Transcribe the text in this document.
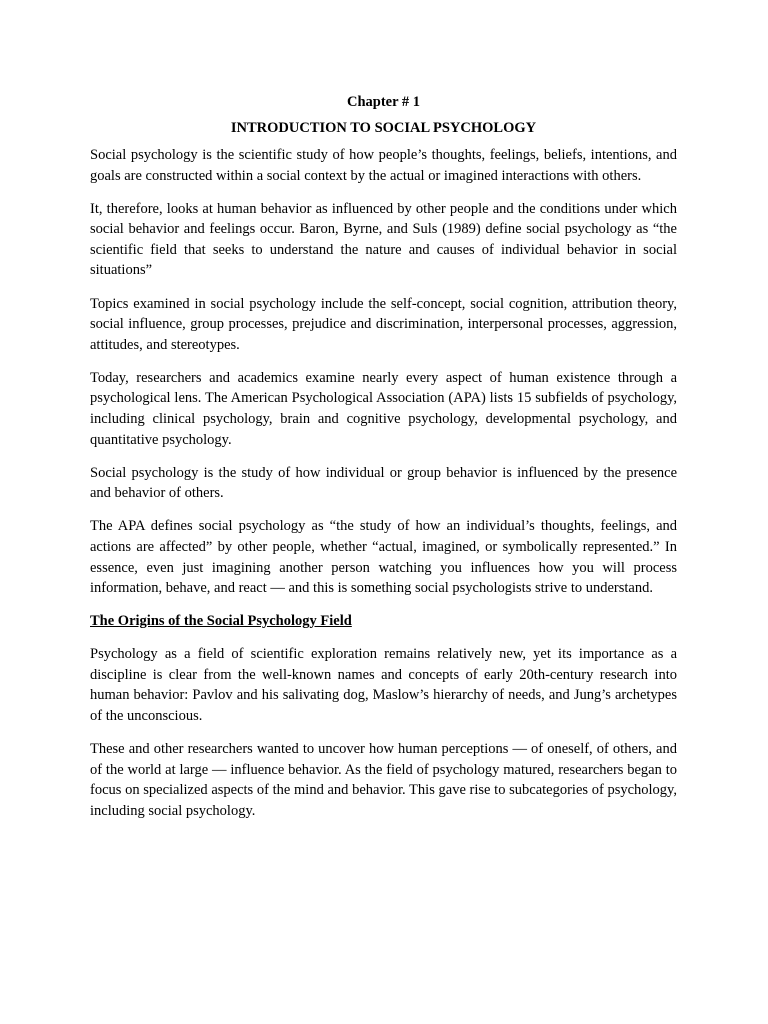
Chapter # 1
INTRODUCTION TO SOCIAL PSYCHOLOGY

Social psychology is the scientific study of how people’s thoughts, feelings, beliefs, intentions, and goals are constructed within a social context by the actual or imagined interactions with others.

It, therefore, looks at human behavior as influenced by other people and the conditions under which social behavior and feelings occur. Baron, Byrne, and Suls (1989) define social psychology as “the scientific field that seeks to understand the nature and causes of individual behavior in social situations”

Topics examined in social psychology include the self-concept, social cognition, attribution theory, social influence, group processes, prejudice and discrimination, interpersonal processes, aggression, attitudes, and stereotypes.

Today, researchers and academics examine nearly every aspect of human existence through a psychological lens. The American Psychological Association (APA) lists 15 subfields of psychology, including clinical psychology, brain and cognitive psychology, developmental psychology, and quantitative psychology.

Social psychology is the study of how individual or group behavior is influenced by the presence and behavior of others.

The APA defines social psychology as “the study of how an individual’s thoughts, feelings, and actions are affected” by other people, whether “actual, imagined, or symbolically represented.” In essence, even just imagining another person watching you influences how you will process information, behave, and react — and this is something social psychologists strive to understand.

The Origins of the Social Psychology Field

Psychology as a field of scientific exploration remains relatively new, yet its importance as a discipline is clear from the well-known names and concepts of early 20th-century research into human behavior: Pavlov and his salivating dog, Maslow’s hierarchy of needs, and Jung’s archetypes of the unconscious.

These and other researchers wanted to uncover how human perceptions — of oneself, of others, and of the world at large — influence behavior. As the field of psychology matured, researchers began to focus on specialized aspects of the mind and behavior. This gave rise to subcategories of psychology, including social psychology.
